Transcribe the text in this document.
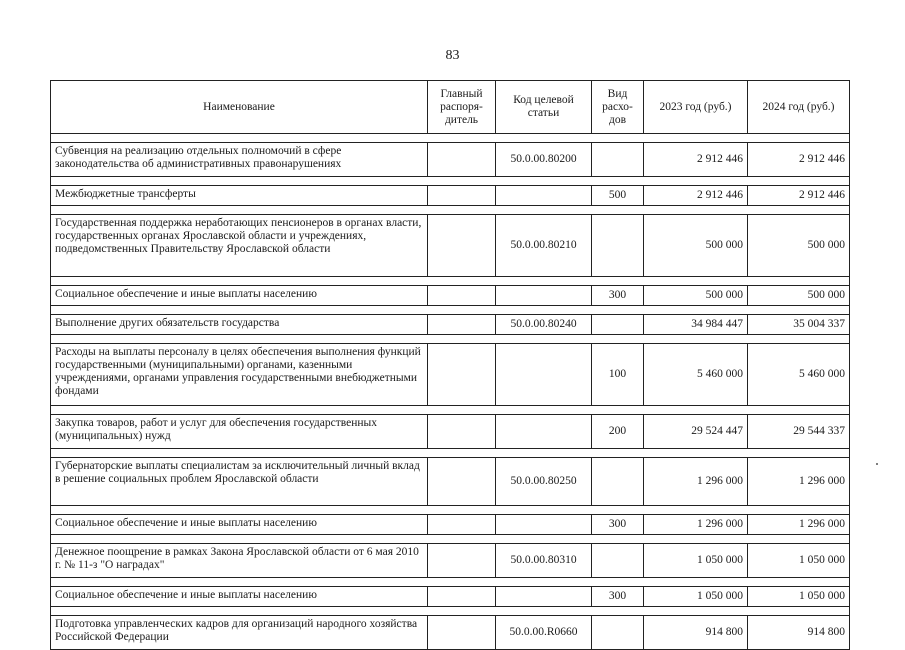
83
Наименование	Главный распоря- дитель	Код целевой статьи	Вид расхо- дов	2023 год (руб.)	2024 год (руб.)

Субвенция на реализацию отдельных полномочий в сфере законодательства об административных правонарушениях		50.0.00.80200		2 912 446	2 912 446

Межбюджетные трансферты			500	2 912 446	2 912 446

Государственная поддержка неработающих пенсионеров в органах власти, государственных органах Ярославской области и учреждениях, подведомственных Правительству Ярославской области		50.0.00.80210		500 000	500 000

Социальное обеспечение и иные выплаты населению			300	500 000	500 000

Выполнение других обязательств государства		50.0.00.80240		34 984 447	35 004 337

Расходы на выплаты персоналу в целях обеспечения выполнения функций государственными (муниципальными) органами, казенными учреждениями, органами управления государственными внебюджетными фондами			100	5 460 000	5 460 000

Закупка товаров, работ и услуг для обеспечения государственных (муниципальных) нужд			200	29 524 447	29 544 337

Губернаторские выплаты специалистам за исключительный личный вклад в решение социальных проблем Ярославской области		50.0.00.80250		1 296 000	1 296 000

Социальное обеспечение и иные выплаты населению			300	1 296 000	1 296 000

Денежное поощрение в рамках Закона Ярославской области от 6 мая 2010 г. № 11-з "О наградах"		50.0.00.80310		1 050 000	1 050 000

Социальное обеспечение и иные выплаты населению			300	1 050 000	1 050 000

Подготовка управленческих кадров для организаций народного хозяйства Российской Федерации		50.0.00.R0660		914 800	914 800
